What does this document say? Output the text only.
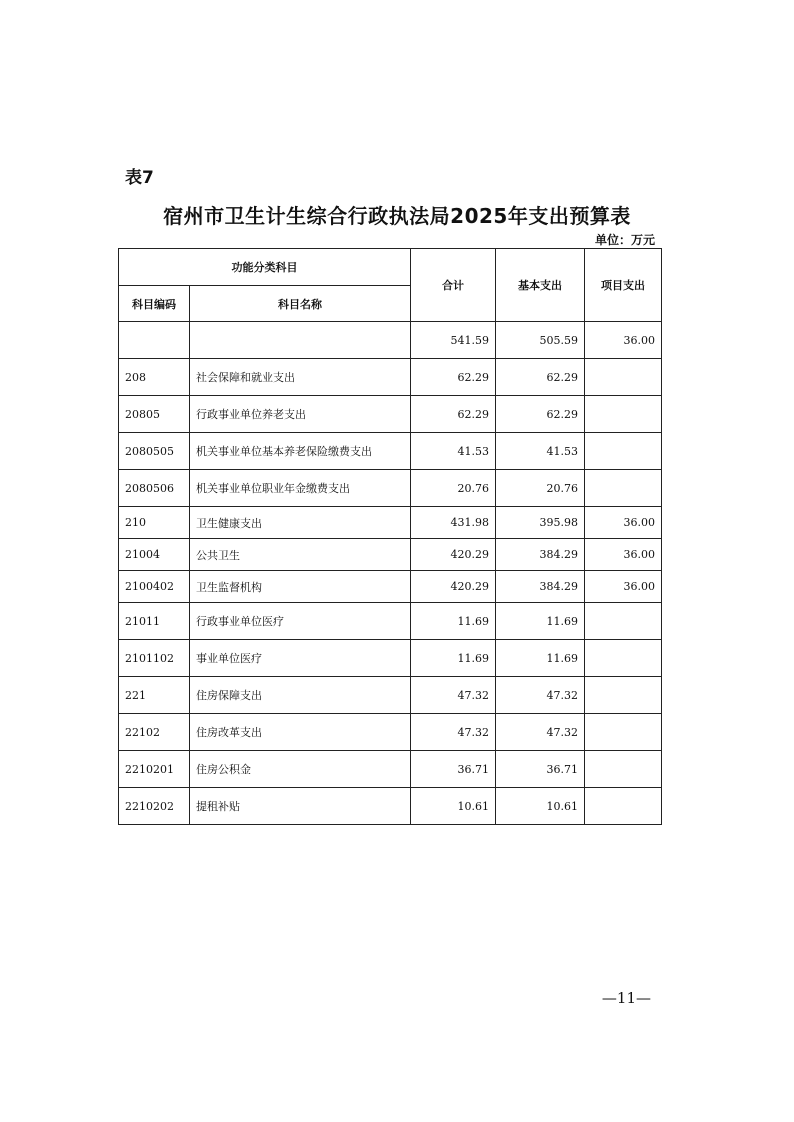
表7
宿州市卫生计生综合行政执法局2025年支出预算表
单位：万元
功能分类科目		合计	基本支出	项目支出
科目编码	科目名称			
		541.59	505.59	36.00
208	社会保障和就业支出	62.29	62.29	
20805	行政事业单位养老支出	62.29	62.29	
2080505	机关事业单位基本养老保险缴费支出	41.53	41.53	
2080506	机关事业单位职业年金缴费支出	20.76	20.76	
210	卫生健康支出	431.98	395.98	36.00
21004	公共卫生	420.29	384.29	36.00
2100402	卫生监督机构	420.29	384.29	36.00
21011	行政事业单位医疗	11.69	11.69	
2101102	事业单位医疗	11.69	11.69	
221	住房保障支出	47.32	47.32	
22102	住房改革支出	47.32	47.32	
2210201	住房公积金	36.71	36.71	
2210202	提租补贴	10.61	10.61	
—11—
